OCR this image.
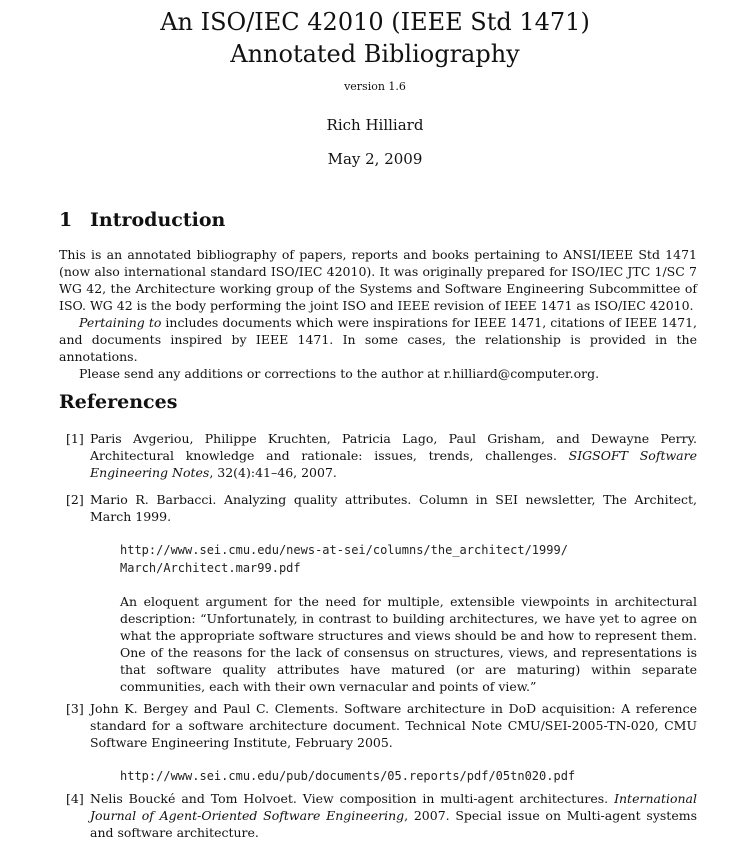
An ISO/IEC 42010 (IEEE Std 1471)
Annotated Bibliography
version 1.6
Rich Hilliard
May 2, 2009
1 Introduction

This is an annotated bibliography of papers, reports and books pertaining to ANSI/IEEE Std 1471 (now also international standard ISO/IEC 42010). It was originally prepared for ISO/IEC JTC 1/SC 7 WG 42, the Architecture working group of the Systems and Software Engineering Subcommittee of ISO. WG 42 is the body performing the joint ISO and IEEE revision of IEEE 1471 as ISO/IEC 42010.

Pertaining to includes documents which were inspirations for IEEE 1471, citations of IEEE 1471, and documents inspired by IEEE 1471. In some cases, the relationship is provided in the annotations.

Please send any additions or corrections to the author at r.hilliard@computer.org.

References
[1] Paris Avgeriou, Philippe Kruchten, Patricia Lago, Paul Grisham, and Dewayne Perry. Architectural knowledge and rationale: issues, trends, challenges. SIGSOFT Software Engineering Notes, 32(4):41–46, 2007.
[2] Mario R. Barbacci. Analyzing quality attributes. Column in SEI newsletter, The Architect, March 1999.
http://www.sei.cmu.edu/news-at-sei/columns/the_architect/1999/
March/Architect.mar99.pdf
An eloquent argument for the need for multiple, extensible viewpoints in architectural description: “Unfortunately, in contrast to building architectures, we have yet to agree on what the appropriate software structures and views should be and how to represent them. One of the reasons for the lack of consensus on structures, views, and representations is that software quality attributes have matured (or are maturing) within separate communities, each with their own vernacular and points of view.”
[3] John K. Bergey and Paul C. Clements. Software architecture in DoD acquisition: A reference standard for a software architecture document. Technical Note CMU/SEI-2005-TN-020, CMU Software Engineering Institute, February 2005.
http://www.sei.cmu.edu/pub/documents/05.reports/pdf/05tn020.pdf
[4] Nelis Boucké and Tom Holvoet. View composition in multi-agent architectures. International Journal of Agent-Oriented Software Engineering, 2007. Special issue on Multi-agent systems and software architecture.
